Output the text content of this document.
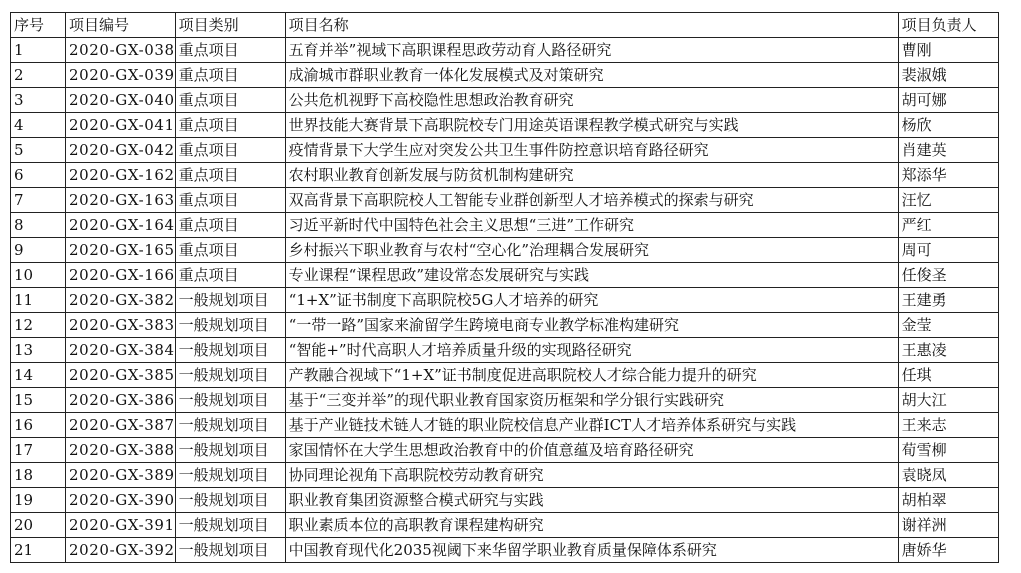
序号	项目编号	项目类别	项目名称	项目负责人
1	2020-GX-038	重点项目	五育并举”视域下高职课程思政劳动育人路径研究	曹刚
2	2020-GX-039	重点项目	成渝城市群职业教育一体化发展模式及对策研究	裴淑娥
3	2020-GX-040	重点项目	公共危机视野下高校隐性思想政治教育研究	胡可娜
4	2020-GX-041	重点项目	世界技能大赛背景下高职院校专门用途英语课程教学模式研究与实践	杨欣
5	2020-GX-042	重点项目	疫情背景下大学生应对突发公共卫生事件防控意识培育路径研究	肖建英
6	2020-GX-162	重点项目	农村职业教育创新发展与防贫机制构建研究	郑添华
7	2020-GX-163	重点项目	双高背景下高职院校人工智能专业群创新型人才培养模式的探索与研究	汪忆
8	2020-GX-164	重点项目	习近平新时代中国特色社会主义思想“三进”工作研究	严红
9	2020-GX-165	重点项目	乡村振兴下职业教育与农村“空心化”治理耦合发展研究	周可
10	2020-GX-166	重点项目	专业课程“课程思政”建设常态发展研究与实践	任俊圣
11	2020-GX-382	一般规划项目	“1+X”证书制度下高职院校5G人才培养的研究	王建勇
12	2020-GX-383	一般规划项目	“一带一路”国家来渝留学生跨境电商专业教学标准构建研究	金莹
13	2020-GX-384	一般规划项目	“智能+”时代高职人才培养质量升级的实现路径研究	王惠凌
14	2020-GX-385	一般规划项目	产教融合视域下“1+X”证书制度促进高职院校人才综合能力提升的研究	任琪
15	2020-GX-386	一般规划项目	基于“三变并举”的现代职业教育国家资历框架和学分银行实践研究	胡大江
16	2020-GX-387	一般规划项目	基于产业链技术链人才链的职业院校信息产业群ICT人才培养体系研究与实践	王来志
17	2020-GX-388	一般规划项目	家国情怀在大学生思想政治教育中的价值意蕴及培育路径研究	荀雪柳
18	2020-GX-389	一般规划项目	协同理论视角下高职院校劳动教育研究	袁晓凤
19	2020-GX-390	一般规划项目	职业教育集团资源整合模式研究与实践	胡柏翠
20	2020-GX-391	一般规划项目	职业素质本位的高职教育课程建构研究	谢祥洲
21	2020-GX-392	一般规划项目	中国教育现代化2035视阈下来华留学职业教育质量保障体系研究	唐娇华
